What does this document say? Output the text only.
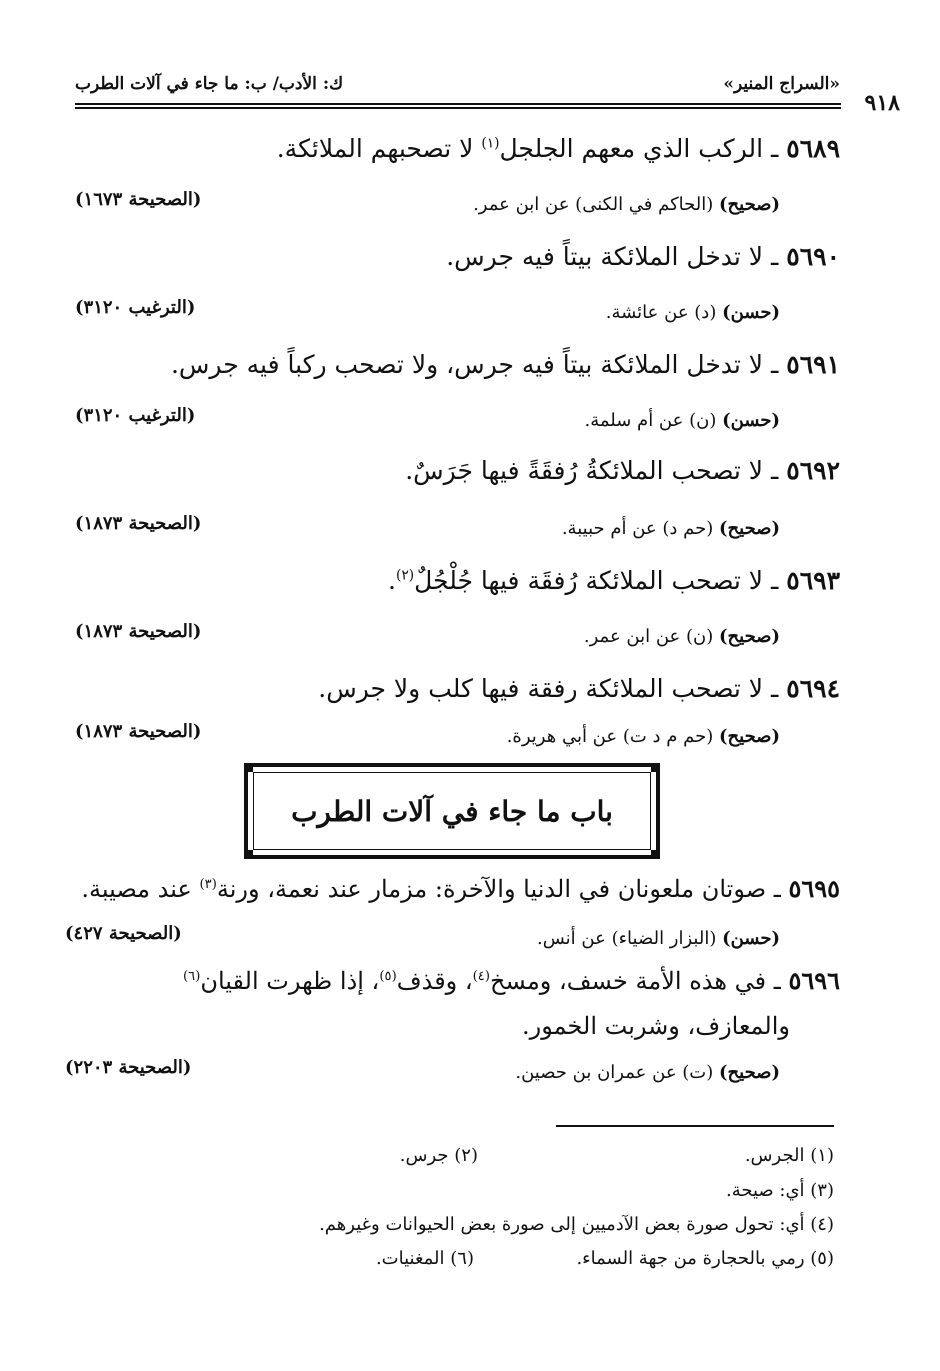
٩١٨
«السراج المنير»
ك: الأدب/ ب: ما جاء في آلات الطرب
٥٦٨٩ ـ الركب الذي معهم الجلجل$^{(١)}$ لا تصحبهم الملائكة.
(صحيح) (الحاكم في الكنى) عن ابن عمر.
(الصحيحة ١٦٧٣)
٥٦٩٠ ـ لا تدخل الملائكة بيتاً فيه جرس.
(حسن) (د) عن عائشة.
(الترغيب ٣١٢٠)
٥٦٩١ ـ لا تدخل الملائكة بيتاً فيه جرس، ولا تصحب ركباً فيه جرس.
(حسن) (ن) عن أم سلمة.
(الترغيب ٣١٢٠)
٥٦٩٢ ـ لا تصحب الملائكةُ رُفقَةً فيها جَرَسٌ.
(صحيح) (حم د) عن أم حبيبة.
(الصحيحة ١٨٧٣)
٥٦٩٣ ـ لا تصحب الملائكة رُفقَة فيها جُلْجُلٌ$^{(٢)}$.
(صحيح) (ن) عن ابن عمر.
(الصحيحة ١٨٧٣)
٥٦٩٤ ـ لا تصحب الملائكة رفقة فيها كلب ولا جرس.
(صحيح) (حم م د ت) عن أبي هريرة.
(الصحيحة ١٨٧٣)
باب ما جاء في آلات الطرب
٥٦٩٥ ـ صوتان ملعونان في الدنيا والآخرة: مزمار عند نعمة، ورنة$^{(٣)}$ عند مصيبة.
(حسن) (البزار الضياء) عن أنس.
(الصحيحة ٤٢٧)
٥٦٩٦ ـ في هذه الأمة خسف، ومسخ$^{(٤)}$، وقذف$^{(٥)}$، إذا ظهرت القيان$^{(٦)}$
والمعازف، وشربت الخمور.
(صحيح) (ت) عن عمران بن حصين.
(الصحيحة ٢٢٠٣)
(١) الجرس.
(٢) جرس.
(٣) أي: صيحة.
(٤) أي: تحول صورة بعض الآدميين إلى صورة بعض الحيوانات وغيرهم.
(٥) رمي بالحجارة من جهة السماء.
(٦) المغنيات.
